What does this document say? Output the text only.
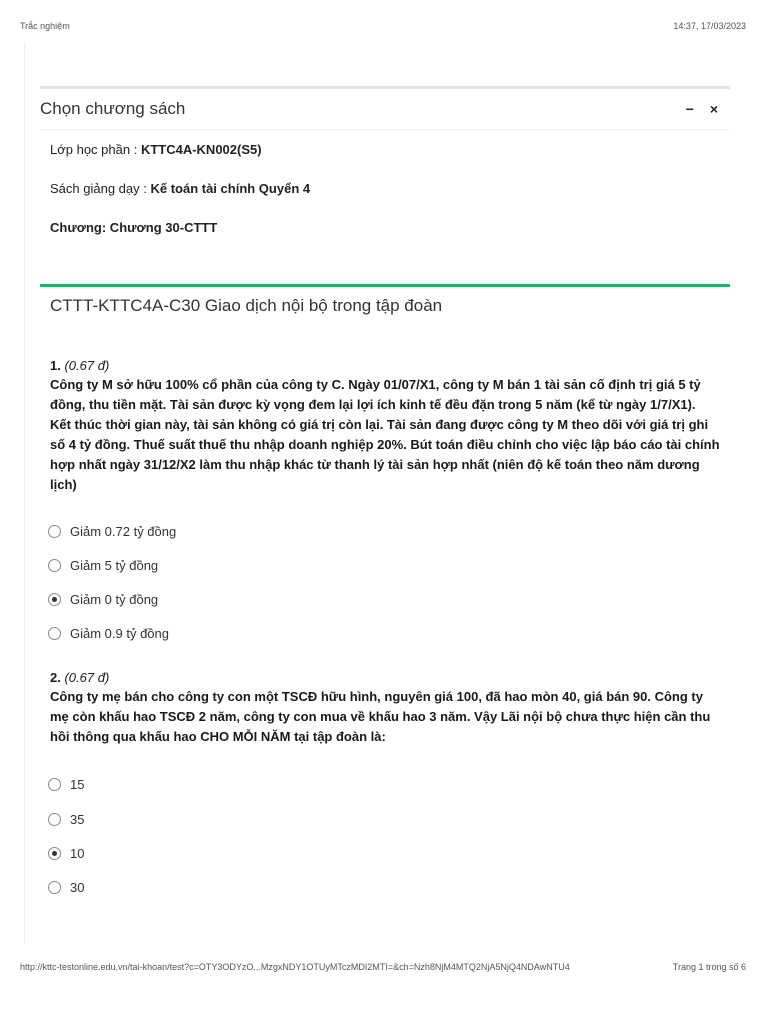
Trắc nghiệm	14:37, 17/03/2023
Chọn chương sách	− ×
Lớp học phần : KTTC4A-KN002(S5)
Sách giảng dạy : Kế toán tài chính Quyển 4
Chương: Chương 30-CTTT
CTTT-KTTC4A-C30 Giao dịch nội bộ trong tập đoàn
1. (0.67 đ)
Công ty M sở hữu 100% cổ phần của công ty C. Ngày 01/07/X1, công ty M bán 1 tài sản cố định trị giá 5 tỷ đồng, thu tiền mặt. Tài sản được kỳ vọng đem lại lợi ích kinh tế đều đặn trong 5 năm (kể từ ngày 1/7/X1). Kết thúc thời gian này, tài sản không có giá trị còn lại. Tài sản đang được công ty M theo dõi với giá trị ghi số 4 tỷ đồng. Thuế suất thuế thu nhập doanh nghiệp 20%. Bút toán điều chỉnh cho việc lập báo cáo tài chính hợp nhất ngày 31/12/X2 làm thu nhập khác từ thanh lý tài sản hợp nhất (niên độ kế toán theo năm dương lịch)
Giảm 0.72 tỷ đồng
Giảm 5 tỷ đồng
Giảm 0 tỷ đồng
Giảm 0.9 tỷ đồng
2. (0.67 đ)
Công ty mẹ bán cho công ty con một TSCĐ hữu hình, nguyên giá 100, đã hao mòn 40, giá bán 90. Công ty mẹ còn khấu hao TSCĐ 2 năm, công ty con mua về khấu hao 3 năm. Vậy Lãi nội bộ chưa thực hiện cần thu hồi thông qua khấu hao CHO MỖI NĂM tại tập đoàn là:
15
35
10
30
http://kttc-testonline.edu.vn/tai-khoan/test?c=OTY3ODYzO...MzgxNDY1OTUyMTczMDI2MTI=&ch=Nzh8NjM4MTQ2NjA5NjQ4NDAwNTU4	Trang 1 trong số 6
